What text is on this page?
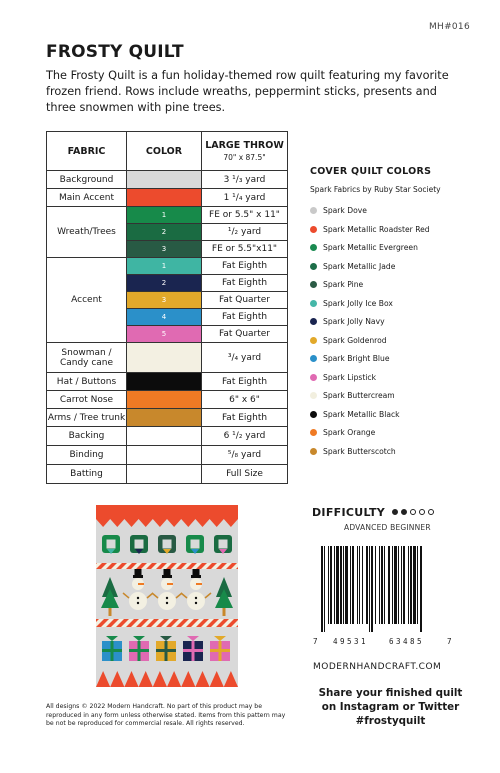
MH#016
FROSTY QUILT
The Frosty Quilt is a fun holiday-themed row quilt featuring my favorite frozen friend. Rows include wreaths, peppermint sticks, presents and three snowmen with pine trees.
FABRIC	COLOR	LARGE THROW
70" x 87.5"

Background		3 ¹/₃ yard
Main Accent		1 ¹/₄ yard
Wreath/Trees	1	FE or 5.5" x 11"
	2	¹/₂ yard
	3	FE or 5.5"x11"
Accent	1	Fat Eighth
	2	Fat Eighth
	3	Fat Quarter
	4	Fat Eighth
	5	Fat Quarter
Snowman / Candy cane		³/₄ yard
Hat / Buttons		Fat Eighth
Carrot Nose		6" x 6"
Arms / Tree trunk		Fat Eighth
Backing		6 ¹/₂ yard
Binding		⁵/₈ yard
Batting		Full Size
COVER QUILT COLORS
Spark Fabrics by Ruby Star Society
Spark Dove
Spark Metallic Roadster Red
Spark Metallic Evergreen
Spark Metallic Jade
Spark Pine
Spark Jolly Ice Box
Spark Jolly Navy
Spark Goldenrod
Spark Bright Blue
Spark Lipstick
Spark Buttercream
Spark Metallic Black
Spark Orange
Spark Butterscotch
DIFFICULTY
ADVANCED BEGINNER
7 49531	63485	7
MODERNHANDCRAFT.COM
Share your finished quilt
on Instagram or Twitter
#frostyquilt
All designs © 2022 Modern Handcraft. No part of this product may be reproduced in any form unless otherwise stated. Items from this pattern may be not be reproduced for commercial resale. All rights reserved.
